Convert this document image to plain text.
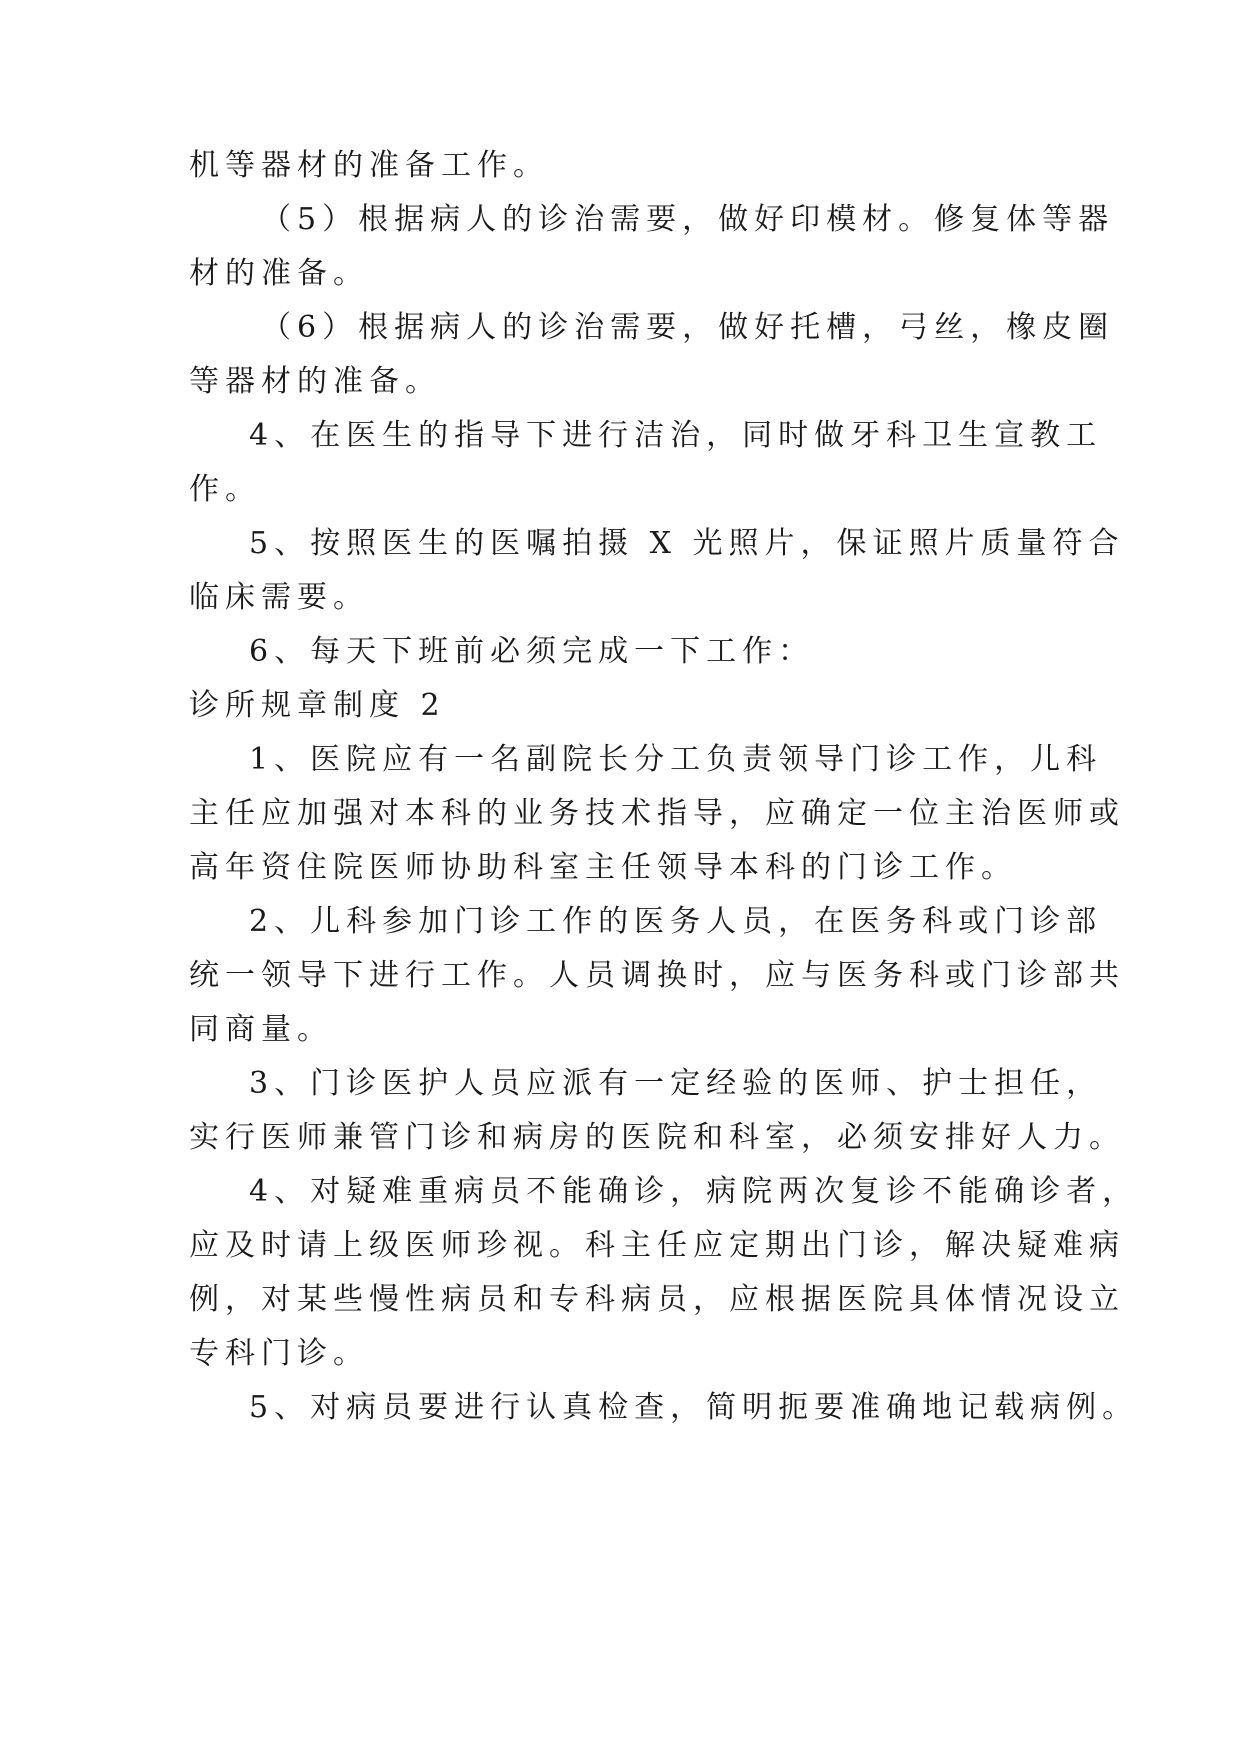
机等器材的准备工作。
（5）根据病人的诊治需要，做好印模材。修复体等器
材的准备。
（6）根据病人的诊治需要，做好托槽，弓丝，橡皮圈
等器材的准备。
4、在医生的指导下进行洁治，同时做牙科卫生宣教工
作。
5、按照医生的医嘱拍摄 X 光照片，保证照片质量符合
临床需要。
6、每天下班前必须完成一下工作：
诊所规章制度 2
1、医院应有一名副院长分工负责领导门诊工作，儿科
主任应加强对本科的业务技术指导，应确定一位主治医师或
高年资住院医师协助科室主任领导本科的门诊工作。
2、儿科参加门诊工作的医务人员，在医务科或门诊部
统一领导下进行工作。人员调换时，应与医务科或门诊部共
同商量。
3、门诊医护人员应派有一定经验的医师、护士担任，
实行医师兼管门诊和病房的医院和科室，必须安排好人力。
4、对疑难重病员不能确诊，病院两次复诊不能确诊者，
应及时请上级医师珍视。科主任应定期出门诊，解决疑难病
例，对某些慢性病员和专科病员，应根据医院具体情况设立
专科门诊。
5、对病员要进行认真检查，简明扼要准确地记载病例。
